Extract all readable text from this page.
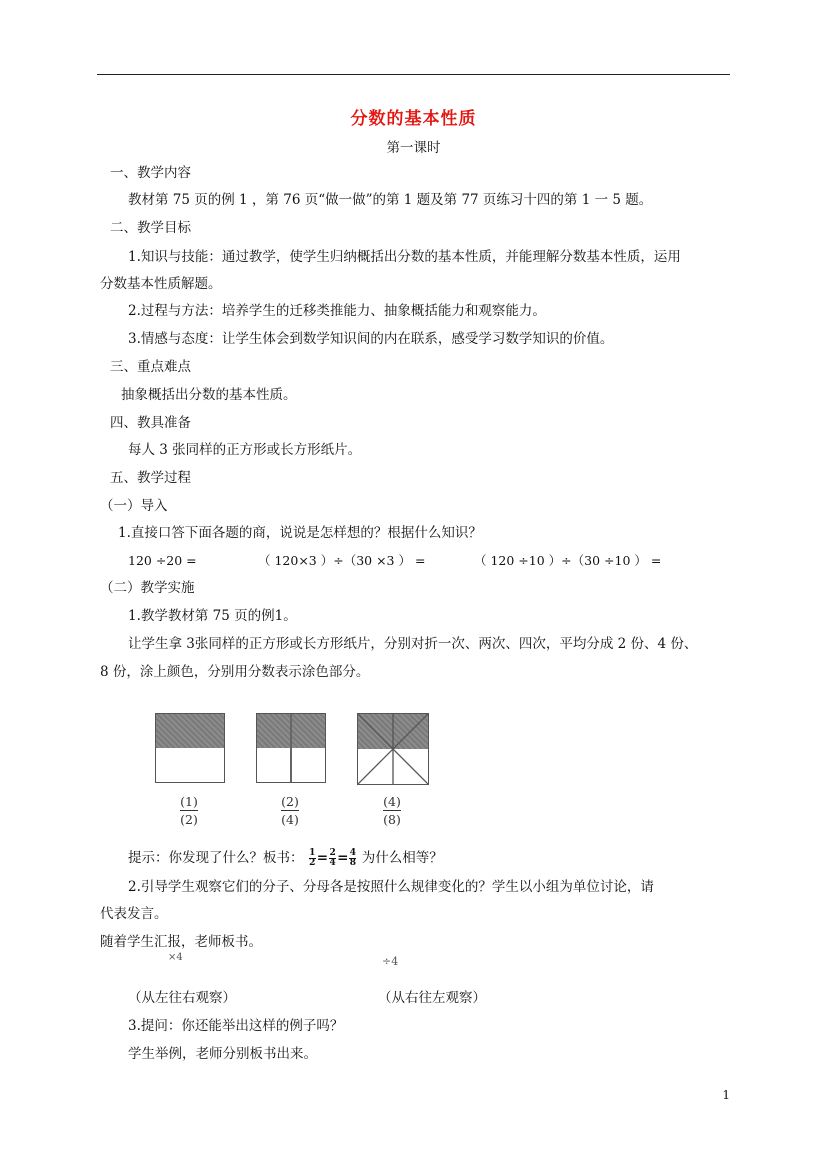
分数的基本性质
第一课时
一、教学内容
教材第 75 页的例 1 ，第 76 页“做一做”的第 1 题及第 77 页练习十四的第 1 一 5 题。
二、教学目标
1.知识与技能：通过教学，使学生归纳概括出分数的基本性质，并能理解分数基本性质，运用
分数基本性质解题。
2.过程与方法：培养学生的迁移类推能力、抽象概括能力和观察能力。
3.情感与态度：让学生体会到数学知识间的内在联系，感受学习数学知识的价值。
三、重点难点
抽象概括出分数的基本性质。
四、教具准备
每人 3 张同样的正方形或长方形纸片。
五、教学过程
（一）导入
1.直接口答下面各题的商，说说是怎样想的？根据什么知识？
120 ÷20 =	（ 120×3 ）÷（30 ×3 ） =	（ 120 ÷10 ）÷（30 ÷10 ） =
（二）教学实施
1.教学教材第 75 页的例1。
让学生拿 3张同样的正方形或长方形纸片，分别对折一次、两次、四次，平均分成 2 份、4 份、
8 份，涂上颜色，分别用分数表示涂色部分。
(1)
(2)
(2)
(4)
(4)
(8)
提示：你发现了什么？板书： $\frac{1}{2} = \frac{2}{4} = \frac{4}{8}$ 为什么相等？
2.引导学生观察它们的分子、分母各是按照什么规律变化的？学生以小组为单位讨论，请
代表发言。
随着学生汇报，老师板书。
×4	÷4
（从左往右观察）	（从右往左观察）
3.提问：你还能举出这样的例子吗？
学生举例，老师分别板书出来。
1
